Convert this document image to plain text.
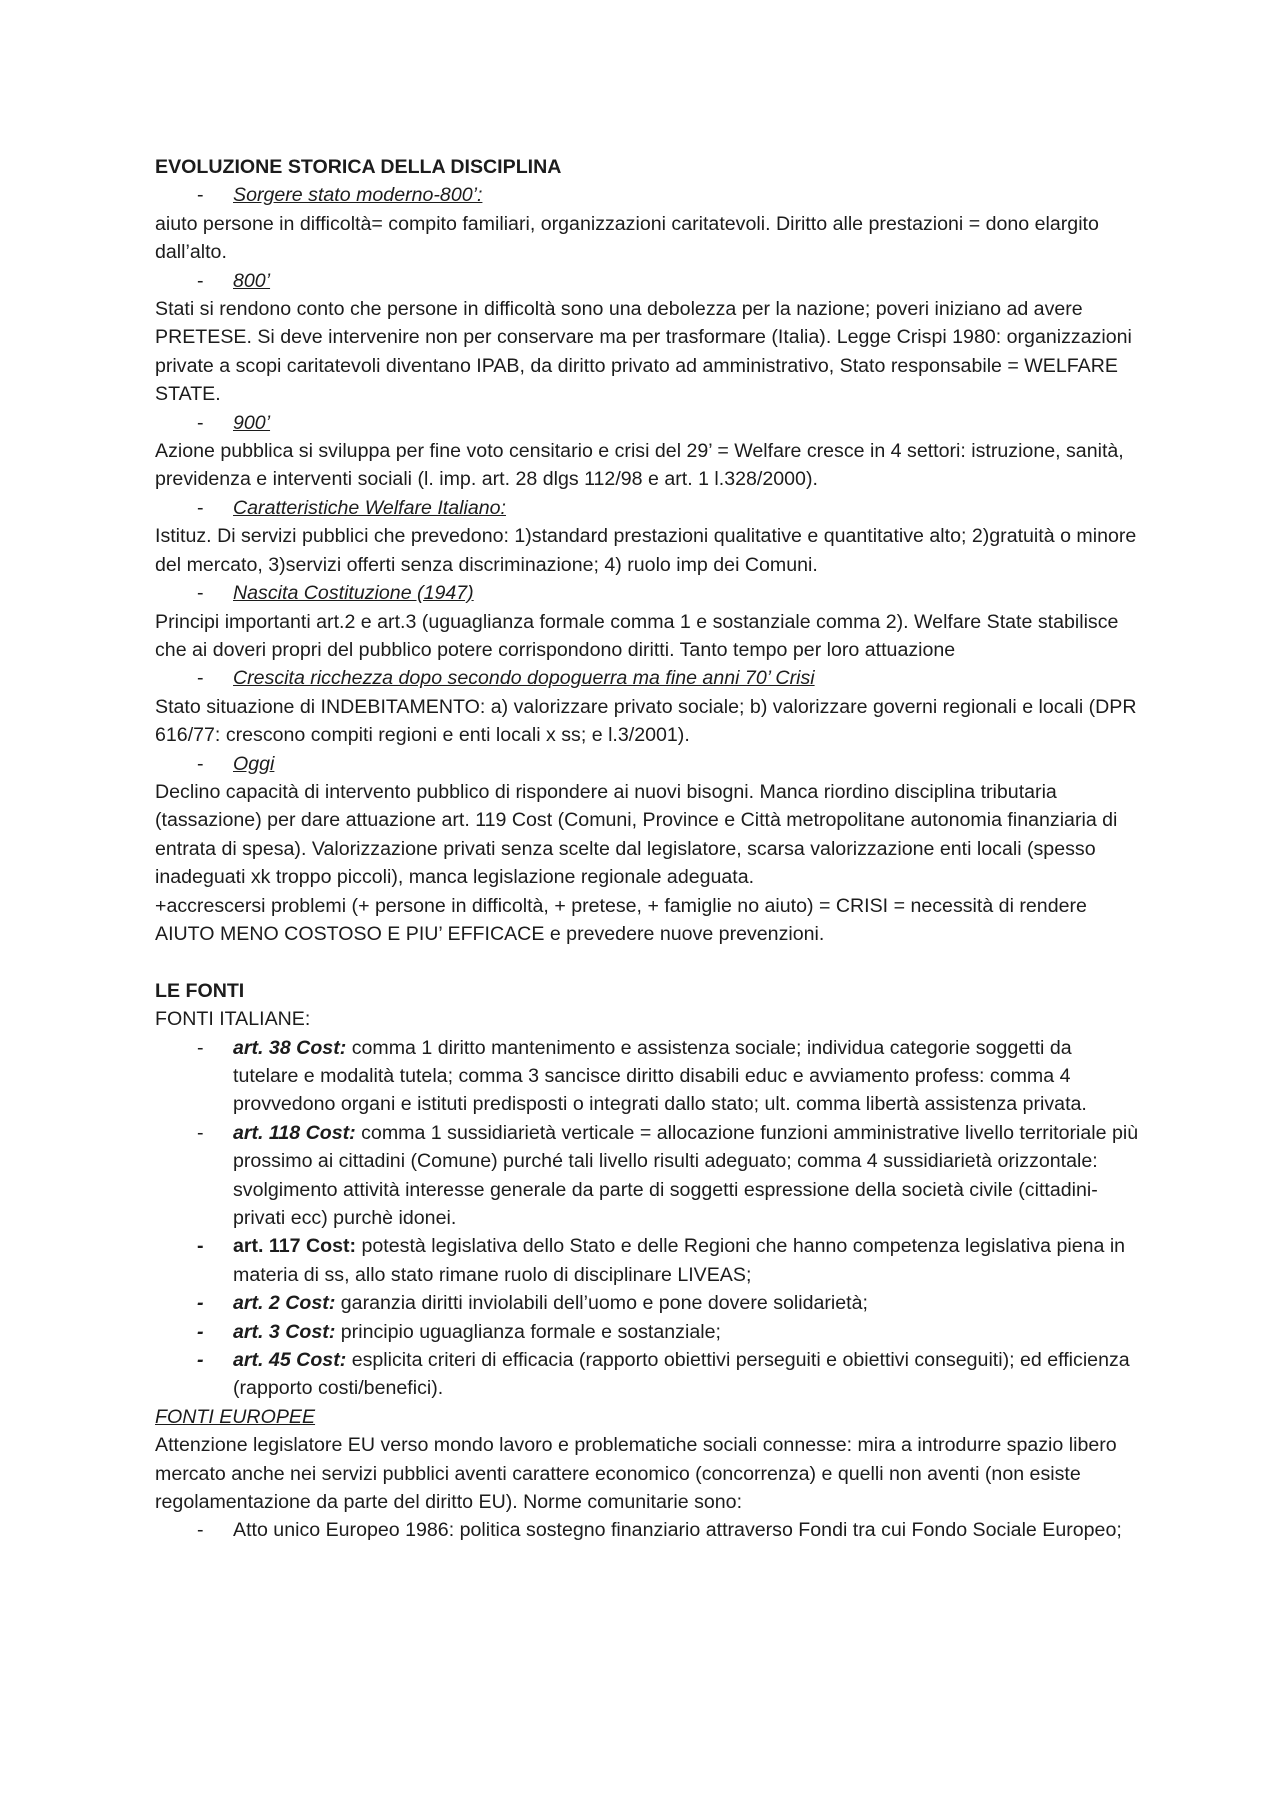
EVOLUZIONE STORICA DELLA DISCIPLINA

- Sorgere stato moderno-800’:

aiuto persone in difficoltà= compito familiari, organizzazioni caritatevoli. Diritto alle prestazioni = dono elargito dall’alto.

- 800’

Stati si rendono conto che persone in difficoltà sono una debolezza per la nazione; poveri iniziano ad avere PRETESE. Si deve intervenire non per conservare ma per trasformare (Italia). Legge Crispi 1980: organizzazioni private a scopi caritatevoli diventano IPAB, da diritto privato ad amministrativo, Stato responsabile = WELFARE STATE.

- 900’

Azione pubblica si sviluppa per fine voto censitario e crisi del 29’ = Welfare cresce in 4 settori: istruzione, sanità, previdenza e interventi sociali (l. imp. art. 28 dlgs 112/98 e art. 1 l.328/2000).

- Caratteristiche Welfare Italiano:

Istituz. Di servizi pubblici che prevedono: 1)standard prestazioni qualitative e quantitative alto; 2)gratuità o minore del mercato, 3)servizi offerti senza discriminazione; 4) ruolo imp dei Comuni.

- Nascita Costituzione (1947)

Principi importanti art.2 e art.3 (uguaglianza formale comma 1 e sostanziale comma 2). Welfare State stabilisce che ai doveri propri del pubblico potere corrispondono diritti. Tanto tempo per loro attuazione

- Crescita ricchezza dopo secondo dopoguerra ma fine anni 70’ Crisi

Stato situazione di INDEBITAMENTO: a) valorizzare privato sociale; b) valorizzare governi regionali e locali (DPR 616/77: crescono compiti regioni e enti locali x ss; e l.3/2001).

- Oggi

Declino capacità di intervento pubblico di rispondere ai nuovi bisogni. Manca riordino disciplina tributaria (tassazione) per dare attuazione art. 119 Cost (Comuni, Province e Città metropolitane autonomia finanziaria di entrata di spesa). Valorizzazione privati senza scelte dal legislatore, scarsa valorizzazione enti locali (spesso inadeguati xk troppo piccoli), manca legislazione regionale adeguata.

+accrescersi problemi (+ persone in difficoltà, + pretese, + famiglie no aiuto) = CRISI = necessità di rendere AIUTO MENO COSTOSO E PIU’ EFFICACE e prevedere nuove prevenzioni.

LE FONTI

FONTI ITALIANE:

- art. 38 Cost: comma 1 diritto mantenimento e assistenza sociale; individua categorie soggetti da tutelare e modalità tutela; comma 3 sancisce diritto disabili educ e avviamento profess: comma 4 provvedono organi e istituti predisposti o integrati dallo stato; ult. comma libertà assistenza privata.

- art. 118 Cost: comma 1 sussidiarietà verticale = allocazione funzioni amministrative livello territoriale più prossimo ai cittadini (Comune) purché tali livello risulti adeguato; comma 4 sussidiarietà orizzontale: svolgimento attività interesse generale da parte di soggetti espressione della società civile (cittadini-privati ecc) purchè idonei.

- art. 117 Cost: potestà legislativa dello Stato e delle Regioni che hanno competenza legislativa piena in materia di ss, allo stato rimane ruolo di disciplinare LIVEAS;

- art. 2 Cost: garanzia diritti inviolabili dell’uomo e pone dovere solidarietà;

- art. 3 Cost: principio uguaglianza formale e sostanziale;

- art. 45 Cost: esplicita criteri di efficacia (rapporto obiettivi perseguiti e obiettivi conseguiti); ed efficienza (rapporto costi/benefici).

FONTI EUROPEE

Attenzione legislatore EU verso mondo lavoro e problematiche sociali connesse: mira a introdurre spazio libero mercato anche nei servizi pubblici aventi carattere economico (concorrenza) e quelli non aventi (non esiste regolamentazione da parte del diritto EU). Norme comunitarie sono:

- Atto unico Europeo 1986: politica sostegno finanziario attraverso Fondi tra cui Fondo Sociale Europeo;
